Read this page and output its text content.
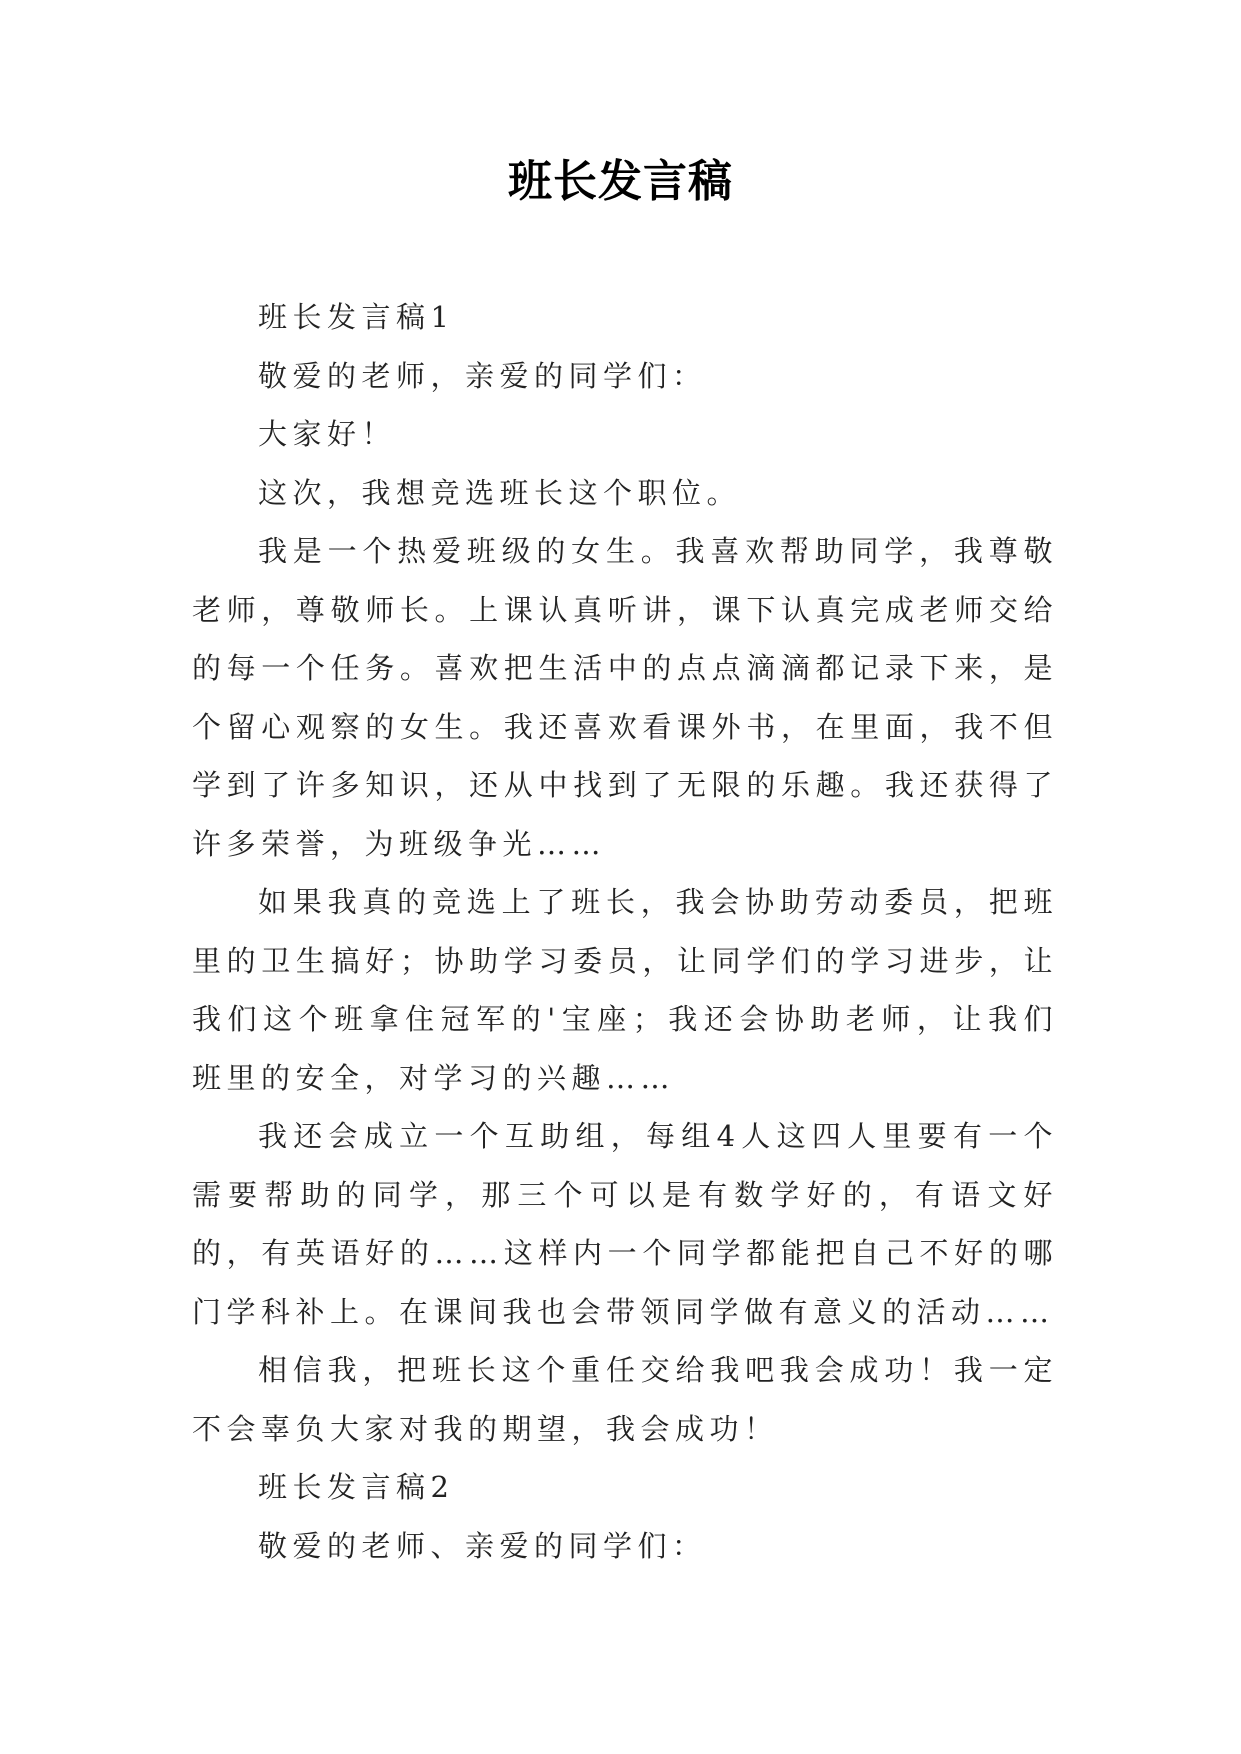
班长发言稿

班长发言稿1

敬爱的老师，亲爱的同学们：

大家好！

这次，我想竞选班长这个职位。

我是一个热爱班级的女生。我喜欢帮助同学，我尊敬老师，尊敬师长。上课认真听讲，课下认真完成老师交给的每一个任务。喜欢把生活中的点点滴滴都记录下来，是个留心观察的女生。我还喜欢看课外书，在里面，我不但学到了许多知识，还从中找到了无限的乐趣。我还获得了许多荣誉，为班级争光……

如果我真的竞选上了班长，我会协助劳动委员，把班里的卫生搞好；协助学习委员，让同学们的学习进步，让我们这个班拿住冠军的'宝座；我还会协助老师，让我们班里的安全，对学习的兴趣……

我还会成立一个互助组，每组4人这四人里要有一个需要帮助的同学，那三个可以是有数学好的，有语文好的，有英语好的……这样内一个同学都能把自己不好的哪门学科补上。在课间我也会带领同学做有意义的活动……

相信我，把班长这个重任交给我吧我会成功！我一定不会辜负大家对我的期望，我会成功！

班长发言稿2

敬爱的老师、亲爱的同学们：
